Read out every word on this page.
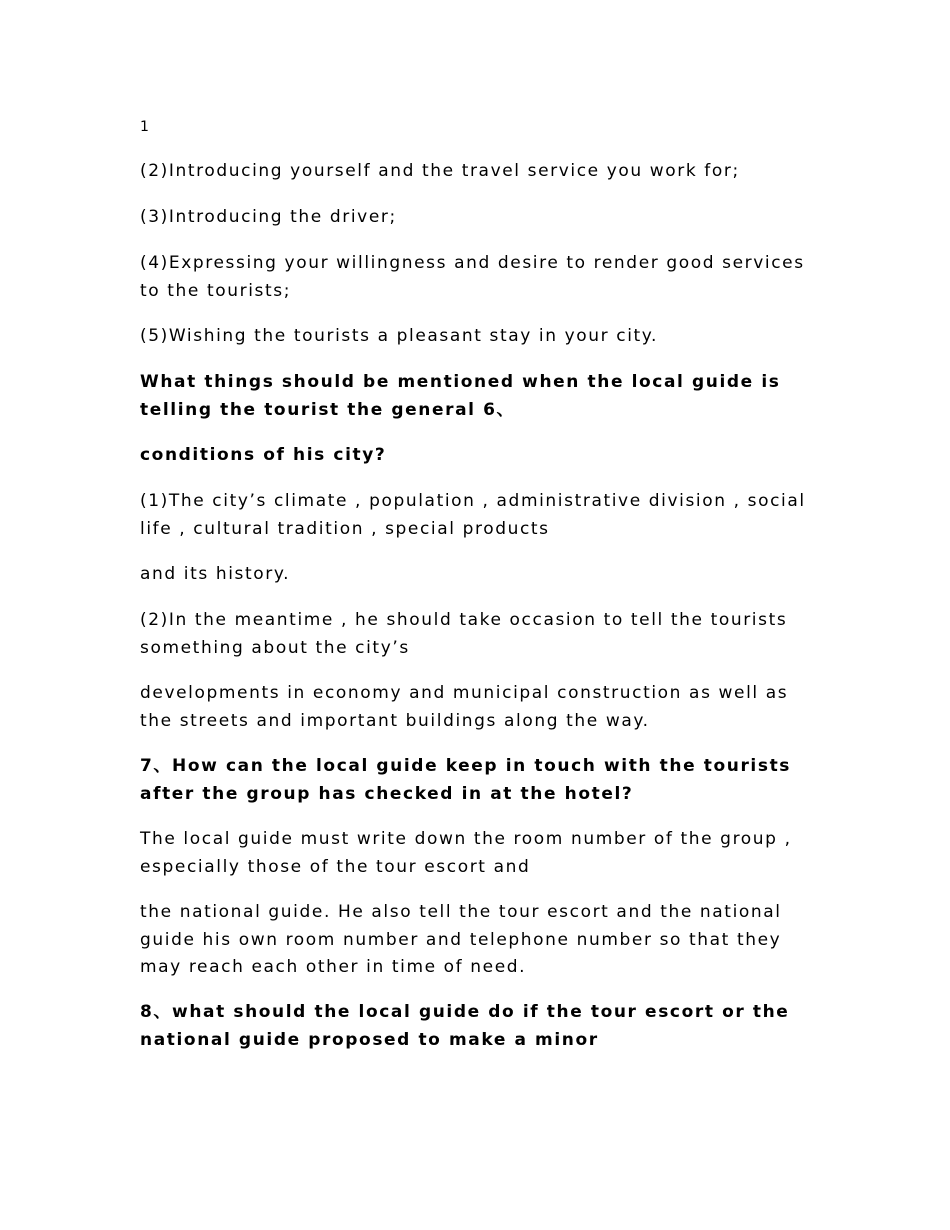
1

(2)Introducing yourself and the travel service you work for;

(3)Introducing the driver;

(4)Expressing your willingness and desire to render good services to the tourists;

(5)Wishing the tourists a pleasant stay in your city.

What things should be mentioned when the local guide is telling the tourist the general 6、

conditions of his city?

(1)The city’s climate , population , administrative division , social life , cultural tradition , special products

and its history.

(2)In the meantime , he should take occasion to tell the tourists something about the city’s

developments in economy and municipal construction as well as the streets and important buildings along the way.

7、How can the local guide keep in touch with the tourists after the group has checked in at the hotel?

The local guide must write down the room number of the group , especially those of the tour escort and

the national guide. He also tell the tour escort and the national guide his own room number and telephone number so that they may reach each other in time of need.

8、what should the local guide do if the tour escort or the national guide proposed to make a minor
